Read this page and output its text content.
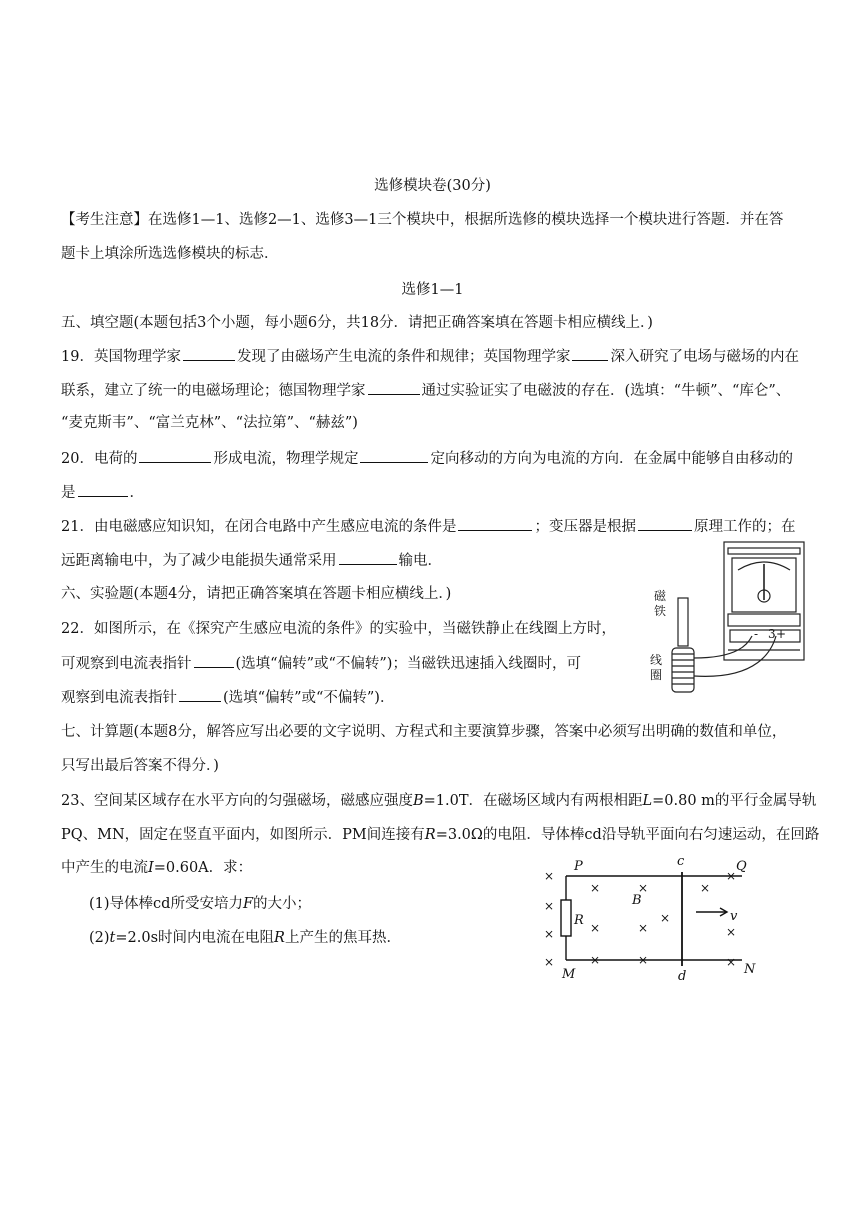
选修模块卷(30分)
【考生注意】在选修1—1、选修2—1、选修3—1三个模块中，根据所选修的模块选择一个模块进行答题．并在答
题卡上填涂所选选修模块的标志．
选修1—1
五、填空题(本题包括3个小题，每小题6分，共18分．请把正确答案填在答题卡相应横线上．)
19．英国物理学家	发现了由磁场产生电流的条件和规律；英国物理学家	深入研究了电场与磁场的内在
联系，建立了统一的电磁场理论；德国物理学家	通过实验证实了电磁波的存在．(选填：“牛顿”、“库仑”、
“麦克斯韦”、“富兰克林”、“法拉第”、“赫兹”)
20．电荷的	形成电流，物理学规定	定向移动的方向为电流的方向．在金属中能够自由移动的
是	．
21．由电磁感应知识知，在闭合电路中产生感应电流的条件是	；变压器是根据	原理工作的；在
远距离输电中，为了减少电能损失通常采用	输电．
六、实验题(本题4分，请把正确答案填在答题卡相应横线上．)
22．如图所示，在《探究产生感应电流的条件》的实验中，当磁铁静止在线圈上方时，
可观察到电流表指针	(选填“偏转”或“不偏转”)；当磁铁迅速插入线圈时，可
观察到电流表指针	(选填“偏转”或“不偏转”)．
- 3 +
磁
铁
线
圈
七、计算题(本题8分，解答应写出必要的文字说明、方程式和主要演算步骤，答案中必须写出明确的数值和单位，
只写出最后答案不得分．)
23、空间某区域存在水平方向的匀强磁场，磁感应强度B=1.0T．在磁场区域内有两根相距L=0.80 m的平行金属导轨
PQ、MN，固定在竖直平面内，如图所示．PM间连接有R=3.0Ω的电阻．导体棒cd沿导轨平面向右匀速运动，在回路
中产生的电流I=0.60A．求：
(1)导体棒cd所受安培力F的大小；
(2)t=2.0s时间内电流在电阻R上产生的焦耳热．
P	Q
M	N
c
d
R
B
v
×
×
×
×
×
×
×
×
×
×
×
×
×
×
×
